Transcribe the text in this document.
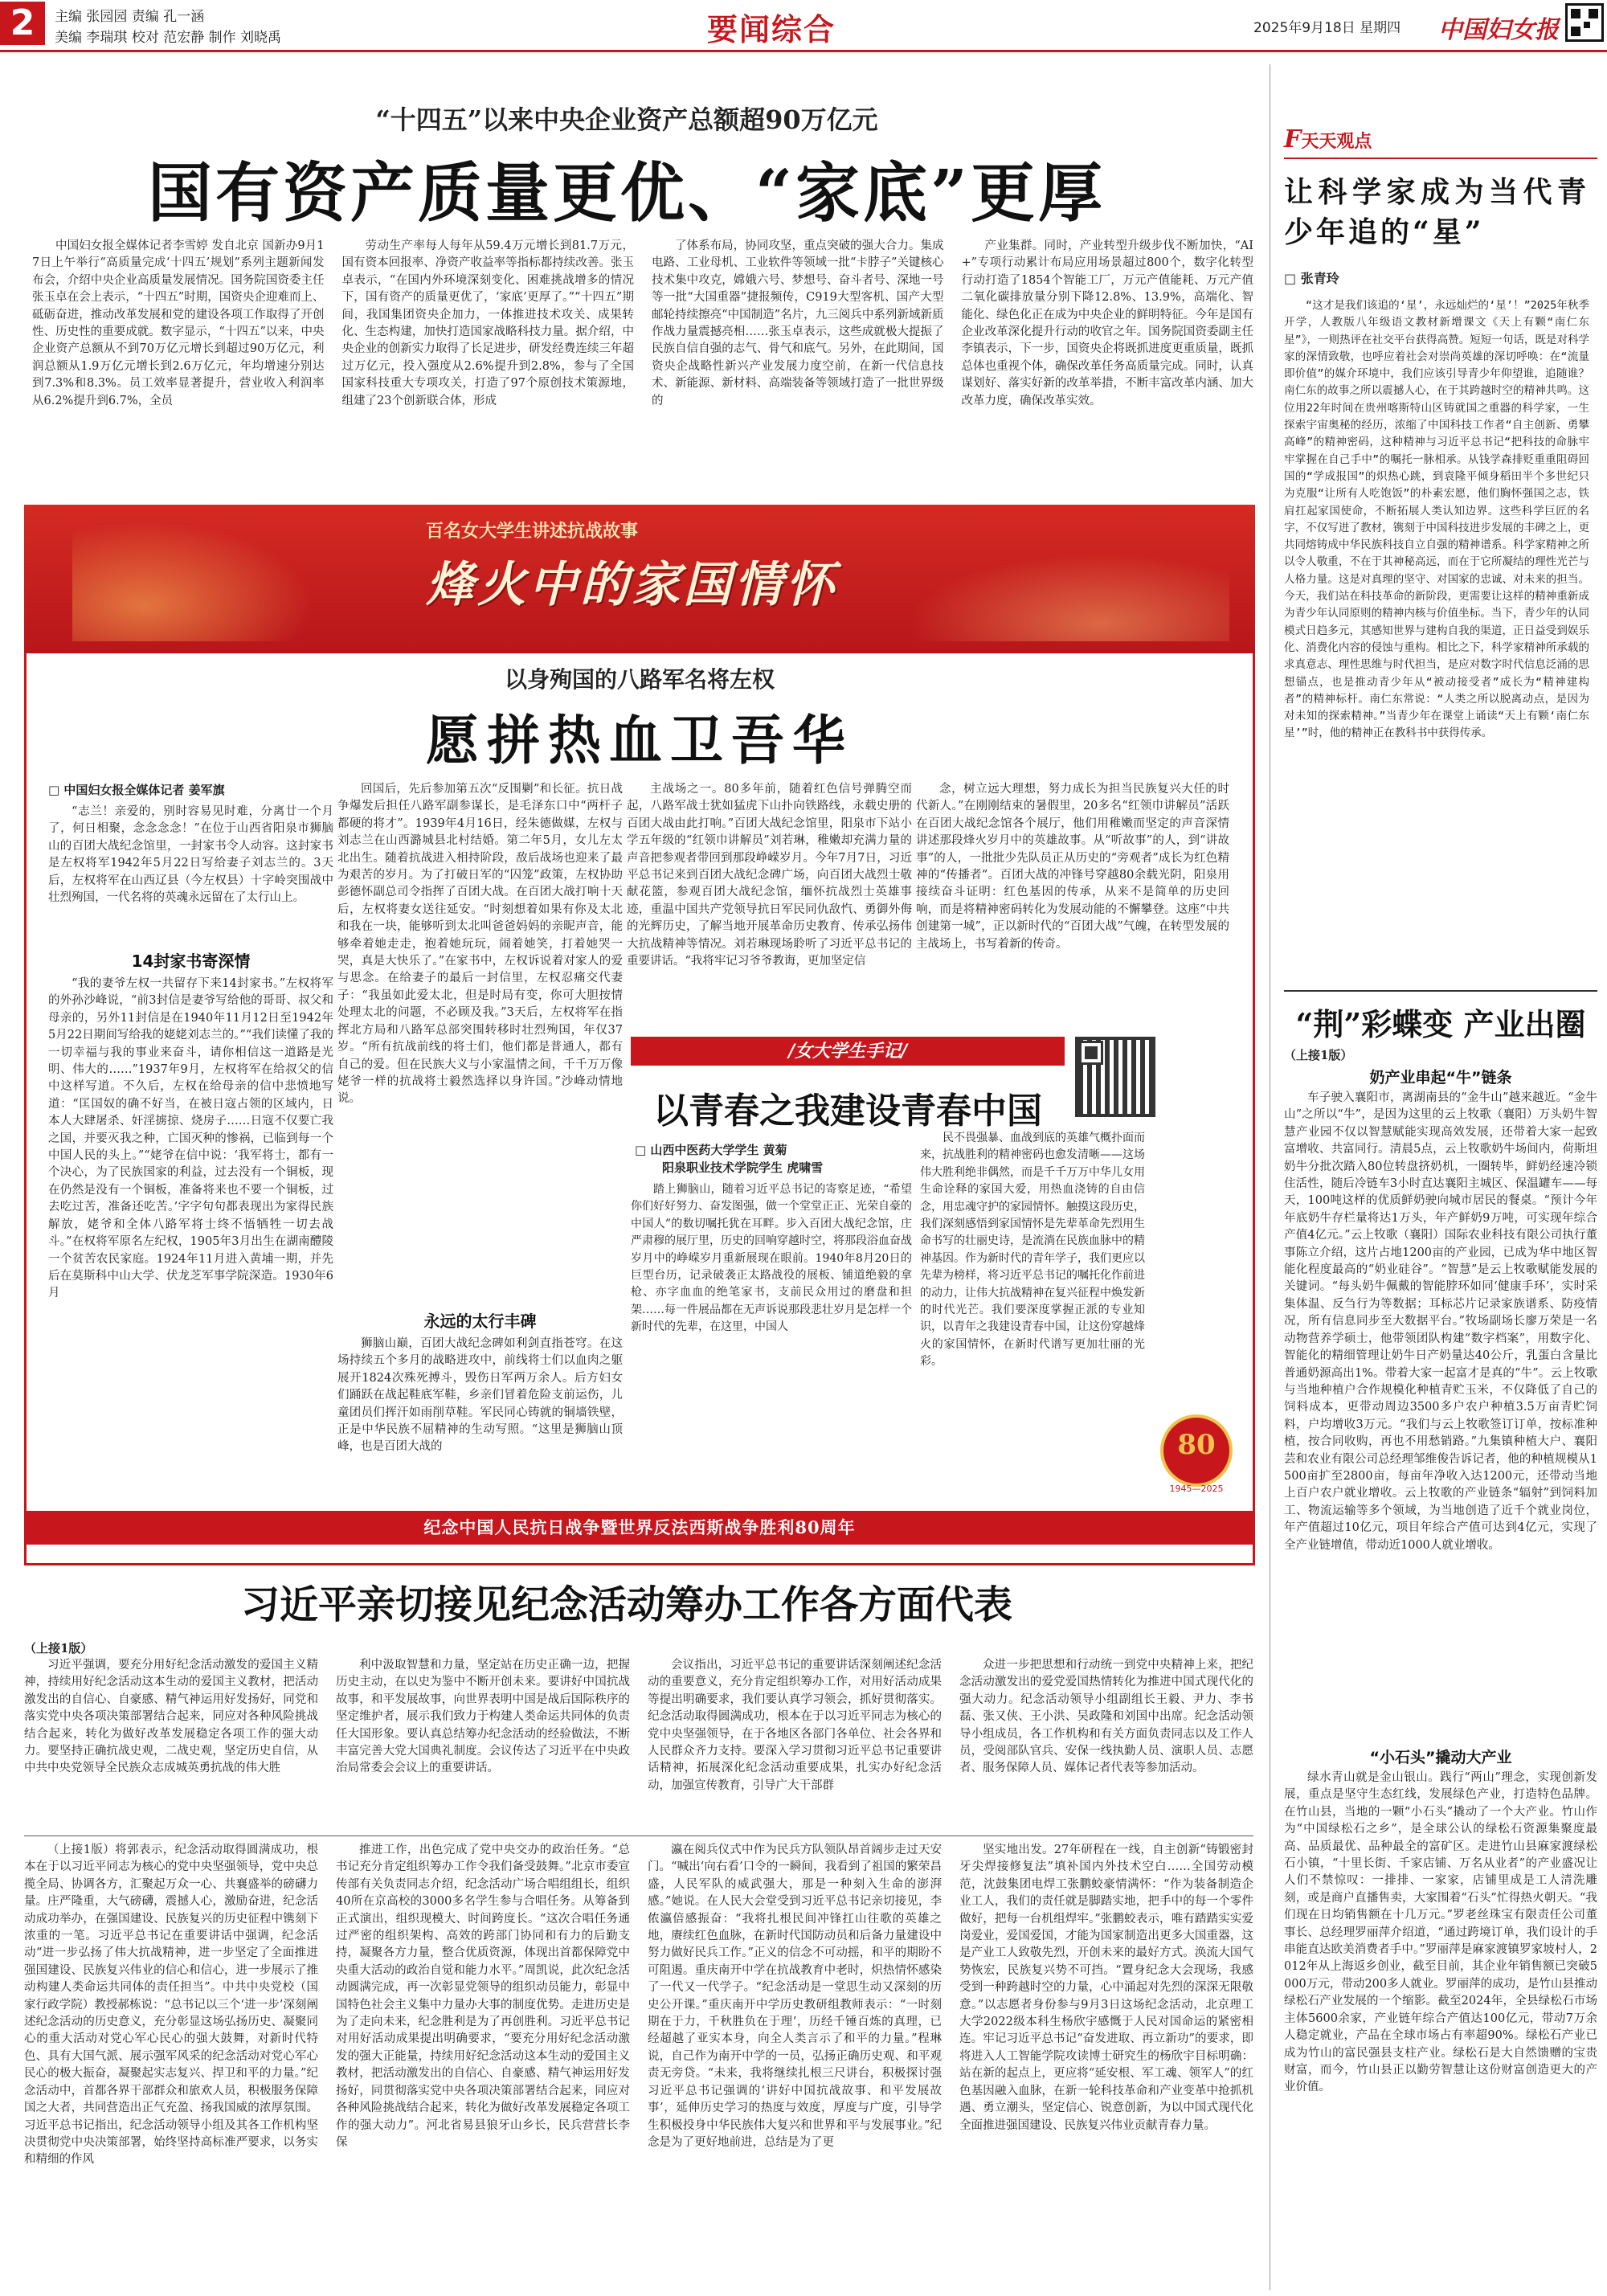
2	主编 张园园 责编 孔一涵
美编 李瑞琪 校对 范宏静 制作 刘晓禹	要闻综合	2025年9月18日 星期四 中国妇女报
“十四五”以来中央企业资产总额超90万亿元
国有资产质量更优、“家底”更厚

中国妇女报全媒体记者李雪婷 发自北京 国新办9月17日上午举行“高质量完成‘十四五’规划”系列主题新闻发布会，介绍中央企业高质量发展情况。国务院国资委主任张玉卓在会上表示，“十四五”时期，国资央企迎难而上、砥砺奋进，推动改革发展和党的建设各项工作取得了开创性、历史性的重要成就。数字显示，“十四五”以来，中央企业资产总额从不到70万亿元增长到超过90万亿元，利润总额从1.9万亿元增长到2.6万亿元，年均增速分别达到7.3%和8.3%。员工效率显著提升，营业收入利润率从6.2%提升到6.7%，全员

劳动生产率每人每年从59.4万元增长到81.7万元，国有资本回报率、净资产收益率等指标都持续改善。张玉卓表示，“在国内外环境深刻变化、困难挑战增多的情况下，国有资产的质量更优了，‘家底’更厚了。”“十四五”期间，我国集团资央企加力，一体推进技术攻关、成果转化、生态构建，加快打造国家战略科技力量。据介绍，中央企业的创新实力取得了长足进步，研发经费连续三年超过万亿元，投入强度从2.6%提升到2.8%，参与了全国国家科技重大专项攻关，打造了97个原创技术策源地，组建了23个创新联合体，形成

了体系布局，协同攻坚，重点突破的强大合力。集成电路、工业母机、工业软件等领域一批“卡脖子”关键核心技术集中攻克，嫦娥六号、梦想号、奋斗者号、深地一号等一批“大国重器”捷报频传，C919大型客机、国产大型邮轮持续擦亮“中国制造”名片，九三阅兵中系列新域新质作战力量震撼亮相……张玉卓表示，这些成就极大提振了民族自信自强的志气、骨气和底气。另外，在此期间，国资央企战略性新兴产业发展力度空前，在新一代信息技术、新能源、新材料、高端装备等领域打造了一批世界级的

产业集群。同时，产业转型升级步伐不断加快，“AI+”专项行动累计布局应用场景超过800个，数字化转型行动打造了1854个智能工厂，万元产值能耗、万元产值二氧化碳排放量分别下降12.8%、13.9%，高端化、智能化、绿色化正在成为中央企业的鲜明特征。今年是国有企业改革深化提升行动的收官之年。国务院国资委副主任李镇表示，下一步，国资央企将既抓进度更重质量，既抓总体也重视个体，确保改革任务高质量完成。同时，认真谋划好、落实好新的改革举措，不断丰富改革内涵、加大改革力度，确保改革实效。

百名女大学生讲述抗战故事
烽火中的家国情怀
以身殉国的八路军名将左权
愿拼热血卫吾华
□ 中国妇女报全媒体记者 姜军旗

“志兰！亲爱的，别时容易见时难，分离廿一个月了，何日相聚，念念念念！”在位于山西省阳泉市狮脑山的百团大战纪念馆里，一封家书令人动容。这封家书是左权将军1942年5月22日写给妻子刘志兰的。3天后，左权将军在山西辽县（今左权县）十字岭突围战中壮烈殉国，一代名将的英魂永远留在了太行山上。

14封家书寄深情

“我的妻爷左权一共留存下来14封家书。”左权将军的外孙沙峰说，“前3封信是妻爷写给他的哥哥、叔父和母亲的，另外11封信是在1940年11月12日至1942年5月22日期间写给我的姥姥刘志兰的。”“我们读懂了我的一切幸福与我的事业来奋斗，请你相信这一道路是光明、伟大的……”1937年9月，左权将军在给叔父的信中这样写道。不久后，左权在给母亲的信中悲愤地写道：“匡国奴的确不好当，在被日寇占领的区域内，日本人大肆屠杀、奸淫掳掠、烧房子……日寇不仅要亡我之国，并要灭我之种，亡国灭种的惨祸，已临到每一个中国人民的头上。”“姥爷在信中说：‘我军将士，都有一个决心，为了民族国家的利益，过去没有一个铜板，现在仍然是没有一个铜板，准备将来也不要一个铜板，过去吃过苦，准备还吃苦。’字字句句都表现出为家得民族解放，姥爷和全体八路军将士终不悟牺牲一切去战斗。”在权将军原名左纪权，1905年3月出生在湖南醴陵一个贫苦农民家庭。1924年11月进入黄埔一期，并先后在莫斯科中山大学、伏龙芝军事学院深造。1930年6月

回国后，先后参加第五次“反围剿”和长征。抗日战争爆发后担任八路军副参谋长，是毛泽东口中“两杆子都硬的将才”。1939年4月16日，经朱德做媒，左权与刘志兰在山西潞城县北村结婚。第二年5月，女儿左太北出生。随着抗战进入相持阶段，敌后战场也迎来了最为艰苦的岁月。为了打破日军的“囚笼”政策，左权协助彭德怀副总司令指挥了百团大战。在百团大战打响十天后，左权将妻女送往延安。“时刻想着如果有你及太北和我在一块，能够听到太北叫爸爸妈妈的亲昵声音，能够牵着她走走，抱着她玩玩，闹着她笑，打着她哭一哭，真是大快乐了。”在家书中，左权诉说着对家人的爱与思念。在给妻子的最后一封信里，左权忍痛交代妻子：“我虽如此爱太北，但是时局有变，你可大胆按情处理太北的问题，不必顾及我。”3天后，左权将军在指挥北方局和八路军总部突围转移时壮烈殉国，年仅37岁。“所有抗战前线的将士们，他们都是普通人，都有自己的爱。但在民族大义与小家温情之间，千千万万像姥爷一样的抗战将士毅然选择以身许国。”沙峰动情地说。

永远的太行丰碑

狮脑山巅，百团大战纪念碑如利剑直指苍穹。在这场持续五个多月的战略进攻中，前线将士们以血肉之躯展开1824次殊死搏斗，毁伤日军两万余人。后方妇女们踊跃在战起鞋底军鞋，乡亲们冒着危险支前运伤，儿童团员们挥汗如雨削草鞋。军民同心铸就的铜墙铁壁，正是中华民族不屈精神的生动写照。“这里是狮脑山顶峰，也是百团大战的

主战场之一。80多年前，随着红色信号弹腾空而起，八路军战士犹如猛虎下山扑向铁路线，永载史册的百团大战由此打响。”百团大战纪念馆里，阳泉市下站小学五年级的“红领巾讲解员”刘若琳，稚嫩却充满力量的声音把参观者带回到那段峥嵘岁月。今年7月7日，习近平总书记来到百团大战纪念碑广场，向百团大战烈士敬献花篮，参观百团大战纪念馆，缅怀抗战烈士英雄事迹，重温中国共产党领导抗日军民同仇敌忾、勇御外侮的光辉历史，了解当地开展革命历史教育、传承弘扬伟大抗战精神等情况。刘若琳现场聆听了习近平总书记的重要讲话。“我将牢记习爷爷教诲，更加坚定信

念，树立远大理想，努力成长为担当民族复兴大任的时代新人。”在刚刚结束的暑假里，20多名“红领巾讲解员”活跃在百团大战纪念馆各个展厅，他们用稚嫩而坚定的声音深情讲述那段烽火岁月中的英雄故事。从“听故事”的人，到“讲故事”的人，一批批少先队员正从历史的“旁观者”成长为红色精神的“传播者”。百团大战的冲锋号穿越80余载光阴，阳泉用接续奋斗证明：红色基因的传承，从来不是简单的历史回响，而是将精神密码转化为发展动能的不懈攀登。这座“中共创建第一城”，正以新时代的“百团大战”气魄，在转型发展的主战场上，书写着新的传奇。

/女大学生手记/
以青春之我建设青春中国
□ 山西中医药大学学生 黄菊
阳泉职业技术学院学生 虎啸雪

踏上狮脑山，随着习近平总书记的寄察足迹，“希望你们好好努力、奋发图强，做一个堂堂正正、光荣自豪的中国人”的数切嘱托犹在耳畔。步入百团大战纪念馆，庄严肃穆的展厅里，历史的回响穿越时空，将那段浴血奋战岁月中的峥嵘岁月重新展现在眼前。1940年8月20日的巨型台历，记录破袭正太路战役的展板、铺道绝毅的拿枪、亦字血血的绝笔家书，支前民众用过的磨盘和担架……每一件展品都在无声诉说那段悲壮岁月是怎样一个新时代的先辈，在这里，中国人

民不畏强暴、血战到底的英雄气概扑面而来，抗战胜利的精神密码也愈发清晰——这场伟大胜利绝非偶然，而是千千万万中华儿女用生命诠释的家国大爱，用热血浇铸的自由信念，用忠魂守护的家园情怀。触摸这段历史，我们深刻感悟到家国情怀是先辈革命先烈用生命书写的壮丽史诗，是流淌在民族血脉中的精神基因。作为新时代的青年学子，我们更应以先辈为榜样，将习近平总书记的嘱托化作前进的动力，让伟大抗战精神在复兴征程中焕发新的时代光芒。我们要深度掌握正派的专业知识，以青年之我建设青春中国，让这份穿越烽火的家国情怀，在新时代谱写更加壮丽的光彩。

80
1945—2025
纪念中国人民抗日战争暨世界反法西斯战争胜利80周年
习近平亲切接见纪念活动筹办工作各方面代表
（上接1版）

习近平强调，要充分用好纪念活动激发的爱国主义精神，持续用好纪念活动这本生动的爱国主义教材，把活动激发出的自信心、自豪感、精气神运用好发扬好，同党和落实党中央各项决策部署结合起来，同应对各种风险挑战结合起来，转化为做好改革发展稳定各项工作的强大动力。要坚持正确抗战史观，二战史观，坚定历史自信，从中共中央党领导全民族众志成城英勇抗战的伟大胜

利中汲取智慧和力量，坚定站在历史正确一边，把握历史主动，在以史为鉴中不断开创未来。要讲好中国抗战故事，和平发展故事，向世界表明中国是战后国际秩序的坚定维护者，展示我们致力于构建人类命运共同体的负责任大国形象。要认真总结筹办纪念活动的经验做法，不断丰富完善大党大国典礼制度。会议传达了习近平在中央政治局常委会会议上的重要讲话。

会议指出，习近平总书记的重要讲话深刻阐述纪念活动的重要意义，充分肯定组织筹办工作，对用好活动成果等提出明确要求，我们要认真学习领会，抓好贯彻落实。纪念活动取得圆满成功，根本在于以习近平同志为核心的党中央坚强领导，在于各地区各部门各单位、社会各界和人民群众齐力支持。要深入学习贯彻习近平总书记重要讲话精神，拓展深化纪念活动重要成果，扎实办好纪念活动，加强宣传教育，引导广大干部群

众进一步把思想和行动统一到党中央精神上来，把纪念活动激发出的爱党爱国热情转化为推进中国式现代化的强大动力。纪念活动领导小组副组长王毅、尹力、李书磊、张又侠、王小洪、吴政隆和刘国中出席。纪念活动领导小组成员，各工作机构和有关方面负责同志以及工作人员，受阅部队官兵、安保一线执勤人员、演职人员、志愿者、服务保障人员、媒体记者代表等参加活动。

（上接1版）将郭表示，纪念活动取得圆满成功，根本在于以习近平同志为核心的党中央坚强领导，党中央总揽全局、协调各方，汇聚起万众一心、共襄盛举的磅礴力量。庄严隆重，大气磅礴，震撼人心，激励奋进，纪念活动成功举办，在强国建设、民族复兴的历史征程中镌刻下浓重的一笔。习近平总书记在重要讲话中强调，纪念活动“进一步弘扬了伟大抗战精神，进一步坚定了全面推进强国建设、民族复兴伟业的信心和信心，进一步展示了推动构建人类命运共同体的责任担当”。中共中央党校（国家行政学院）教授郝栋说：“总书记以三个‘进一步’深刻阐述纪念活动的历史意义，充分彰显这场弘扬历史、凝聚同心的重大活动对党心军心民心的强大鼓舞，对新时代特色、具有大国气派、展示强军风采的纪念活动对党心军心民心的极大振奋，凝聚起实志复兴、捍卫和平的力量。”纪念活动中，首都各界干部群众和旅欢人员，积极服务保障国之大者，共同营造出正气充盈、扬我国威的浓厚氛围。习近平总书记指出，纪念活动领导小组及其各工作机构坚决贯彻党中央决策部署，始终坚持高标准严要求，以务实和精细的作风

推进工作，出色完成了党中央交办的政治任务。“总书记充分肯定组织筹办工作令我们备受鼓舞。”北京市委宣传部有关负责同志介绍，纪念活动广场合唱组组长，组织40所在京高校的3000多名学生参与合唱任务。从筹备到正式演出，组织现模大、时间跨度长。“这次合唱任务通过严密的组织架构、高效的跨部门协同和有力的后勤支持，凝聚各方力量，整合优质资源，体现出首都保障党中央重大活动的政治自觉和能力水平。”周凯说，此次纪念活动圆满完成，再一次彰显党领导的组织动员能力，彰显中国特色社会主义集中力量办大事的制度优势。走进历史是为了走向未来，纪念胜利是为了再创胜利。习近平总书记对用好活动成果提出明确要求，“要充分用好纪念活动激发的强大正能量，持续用好纪念活动这本生动的爱国主义教材，把活动激发出的自信心、自豪感、精气神运用好发扬好，同贯彻落实党中央各项决策部署结合起来，同应对各种风险挑战结合起来，转化为做好改革发展稳定各项工作的强大动力”。河北省易县狼牙山乡长，民兵营营长李保

瀛在阅兵仪式中作为民兵方队领队昂首阔步走过天安门。“喊出‘向右看’口令的一瞬间，我看到了祖国的繁荣昌盛，人民军队的威武强大，那是一种刻入生命的澎湃感。”她说。在人民大会堂受到习近平总书记亲切接见，李侬瀛倍感振奋：“我将扎根民间冲锋扛山往歌的英雄之地，赓续红色血脉，在新时代国防动员和后备力量建设中努力做好民兵工作。”正义的信念不可动摇，和平的期盼不可阻遏。重庆南开中学在抗战教育中老时，炽热情怀感染了一代又一代学子。“纪念活动是一堂思生动又深刻的历史公开课。”重庆南开中学历史教研组教师表示：“一时刻期在于力，千秋胜负在于理’，历经千锤百炼的真理，已经超越了亚实本身，向全人类言示了和平的力量。”程琳说，自己作为南开中学的一员，弘扬正确历史观、和平观责无旁贷。“未来，我将继续扎根三尺讲台，积极探讨强习近平总书记强调的‘讲好中国抗战故事、和平发展故事’，延伸历史学习的热度与效度，厚度与广度，引导学生积极投身中华民族伟大复兴和世界和平与发展事业。”纪念是为了更好地前进，总结是为了更

坚实地出发。27年研程在一线，自主创新“铸锻密封牙尖焊接修复法”填补国内外技术空白……全国劳动模范，沈鼓集团电焊工张鹏蛟豪情满怀：“作为装备制造企业工人，我们的责任就是脚踏实地，把手中的每一个零件做好，把每一台机组焊牢。”张鹏蛟表示，唯有踏踏实实爱岗爱业，爱国爱国，才能为国家制造出更多大国重器，这是产业工人致敬先烈，开创未来的最好方式。涣流大国气势恢宏，民族复兴势不可挡。“置身纪念大会现场，我感受到一种跨越时空的力量，心中涌起对先烈的深深无限敬意。”以志愿者身份参与9月3日这场纪念活动，北京理工大学2022级本科生杨欣宇感慨于人民对国命运的紧密相连。牢记习近平总书记“奋发进取、再立新功”的要求，即将进入人工智能学院攻读博士研究生的杨欣宇目标明确：站在新的起点上，更应将“延安根、军工魂、领军人”的红色基因融入血脉，在新一轮科技革命和产业变革中抢抓机遇、勇立潮头，坚定信心、锐意创新，为以中国式现代化全面推进强国建设、民族复兴伟业贡献青春力量。

F天天观点
让科学家成为当代青少年追的“星”
□ 张青玲

“这才是我们该追的‘星’，永远灿烂的‘星’！”2025年秋季开学，人教版八年级语文教材新增课文《天上有颗“南仁东星”》，一则热评在社交平台获得高赞。短短一句话，既是对科学家的深情致敬，也呼应着社会对崇尚英雄的深切呼唤：在“流量即价值”的媒介环境中，我们应该引导青少年仰望谁，追随谁？南仁东的故事之所以震撼人心，在于其跨越时空的精神共鸣。这位用22年时间在贵州喀斯特山区铸就国之重器的科学家，一生探索宇宙奥秘的经历，浓缩了中国科技工作者“自主创新、勇攀高峰”的精神密码，这种精神与习近平总书记“把科技的命脉牢牢掌握在自己手中”的嘱托一脉相承。从钱学森排贬重重阻碍回国的“学成报国”的炽热心跳，到袁隆平倾身稻田半个多世纪只为克服“让所有人吃饱饭”的朴素宏愿，他们胸怀强国之志，铁肩扛起家国使命，不断拓展人类认知边界。这些科学巨匠的名字，不仅写进了教材，镌刻于中国科技进步发展的丰碑之上，更共同熔铸成中华民族科技自立自强的精神谱系。科学家精神之所以令人敬重，不在于其神秘高远，而在于它所凝结的理性光芒与人格力量。这是对真理的坚守、对国家的忠诚、对未来的担当。今天，我们站在科技革命的新阶段，更需要让这样的精神重新成为青少年认同原则的精神内核与价值坐标。当下，青少年的认同模式日趋多元，其感知世界与建构自我的渠道，正日益受到娱乐化、消费化内容的侵蚀与重构。相比之下，科学家精神所承载的求真意志、理性思维与时代担当，是应对数字时代信息泛涌的思想锚点，也是推动青少年从“被动接受者”成长为“精神建构者”的精神标杆。南仁东常说：“人类之所以脱离动点，是因为对未知的探索精神。”当青少年在课堂上诵读“天上有颗‘南仁东星’”时，他的精神正在教科书中获得传承。

“荆”彩蝶变 产业出圈
（上接1版）
奶产业串起“牛”链条

车子驶入襄阳市，离湖南县的“金牛山”越来越近。“金牛山”之所以“牛”，是因为这里的云上牧歌（襄阳）万头奶牛智慧产业园不仅以智慧赋能实现高效发展，还带着大家一起致富增收、共富同行。清晨5点，云上牧歌奶牛场间内，荷斯坦奶牛分批次踏入80位转盘挤奶机，一圈转毕，鲜奶经速冷锁住活性，随后冷链车3小时直达襄阳主城区、保温罐车——每天，100吨这样的优质鲜奶驶向城市居民的餐桌。“预计今年年底奶牛存栏量将达1万头，年产鲜奶9万吨，可实现年综合产值4亿元。”云上牧歌（襄阳）国际农业科技有限公司执行董事陈立介绍，这片占地1200亩的产业园，已成为华中地区智能化程度最高的“奶业硅谷”。“智慧”是云上牧歌赋能发展的关键词。“每头奶牛佩戴的智能脖环如同‘健康手环’，实时采集体温、反刍行为等数据；耳标芯片记录家族谱系、防疫情况，所有信息同步至大数据平台。”牧场副场长廖万荣是一名动物营养学硕士，他带领团队构建“数字档案”，用数字化、智能化的精细管理让奶牛日产奶量达40公斤，乳蛋白含量比普通奶源高出1%。带着大家一起富才是真的“牛”。云上牧歌与当地种植户合作规模化种植青贮玉米，不仅降低了自己的饲料成本，更带动周边3500多户农户种植3.5万亩青贮饲料，户均增收3万元。“我们与云上牧歌签订订单，按标准种植，按合同收购，再也不用愁销路。”九集镇种植大户、襄阳芸和农业有限公司总经理邹维俊告诉记者，他的种植规模从1500亩扩至2800亩，每亩年净收入达1200元，还带动当地上百户农户就业增收。云上牧歌的产业链条“辐射”到饲料加工、物流运输等多个领域，为当地创造了近千个就业岗位，年产值超过10亿元，项目年综合产值可达到4亿元，实现了全产业链增值，带动近1000人就业增收。

“小石头”撬动大产业

绿水青山就是金山银山。践行“两山”理念，实现创新发展，重点是坚守生态红线，发展绿色产业，打造特色品牌。在竹山县，当地的一颗“小石头”撬动了一个大产业。竹山作为“中国绿松石之乡”，是全球公认的绿松石资源集聚度最高、品质最优、品种最全的富矿区。走进竹山县麻家渡绿松石小镇，“十里长街、千家店铺、万名从业者”的产业盛况让人们不禁惊叹：一排排、一家家，店铺里成是工人清洗雕刻，或是商户直播售卖，大家围着“石头”忙得热火朝天。“我们现在日均销售额在十几万元。”罗老丝珠宝有限责任公司董事长、总经理罗丽萍介绍道，“通过跨境订单，我们设计的手串能直达欧美消费者手中。”罗丽萍是麻家渡镇罗家坡村人，2012年从上海返乡创业，截至目前，其企业年销售额已突破5000万元，带动200多人就业。罗丽萍的成功，是竹山县推动绿松石产业发展的一个缩影。截至2024年，全县绿松石市场主体5600余家，产业链年综合产值达100亿元，带动7万余人稳定就业，产品在全球市场占有率超90%。绿松石产业已成为竹山的富民强县支柱产业。绿松石是大自然馈赠的宝贵财富，而今，竹山县正以勤劳智慧让这份财富创造更大的产业价值。
